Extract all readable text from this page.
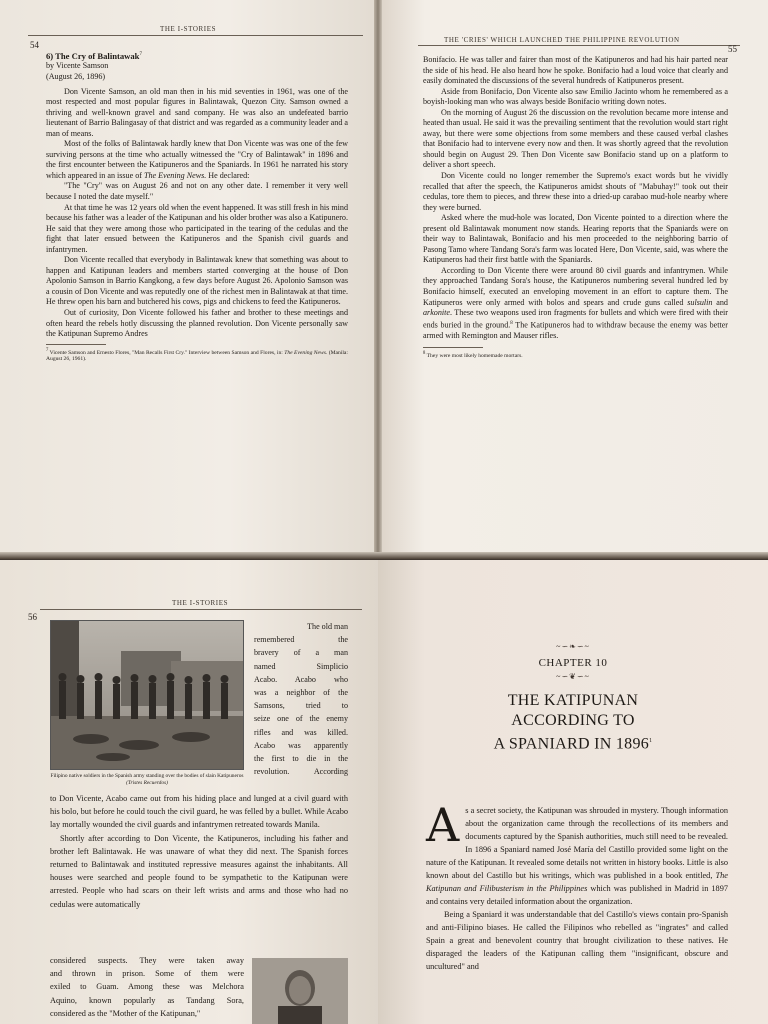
THE I-STORIES
54
6) The Cry of Balintawak$^7$
by Vicente Samson
(August 26, 1896)

Don Vicente Samson, an old man then in his mid seventies in 1961, was one of the most respected and most popular figures in Balintawak, Quezon City. Samson owned a thriving and well-known gravel and sand company. He was also an undefeated barrio lieutenant of Barrio Balingasay of that district and was regarded as a community leader and a man of means.

Most of the folks of Balintawak hardly knew that Don Vicente was was one of the few surviving persons at the time who actually witnessed the "Cry of Balintawak" in 1896 and the first encounter between the Katipuneros and the Spaniards. In 1961 he narrated his story which appeared in an issue of The Evening News. He declared:

"The "Cry" was on August 26 and not on any other date. I remember it very well because I noted the date myself."

At that time he was 12 years old when the event happened. It was still fresh in his mind because his father was a leader of the Katipunan and his older brother was also a Katipunero. He said that they were among those who participated in the tearing of the cedulas and the fight that later ensued between the Katipuneros and the Spanish civil guards and infantrymen.

Don Vicente recalled that everybody in Balintawak knew that something was about to happen and Katipunan leaders and members started converging at the house of Don Apolonio Samson in Barrio Kangkong, a few days before August 26. Apolonio Samson was a cousin of Don Vicente and was reputedly one of the richest men in Balintawak at that time. He threw open his barn and butchered his cows, pigs and chickens to feed the Katipuneros.

Out of curiosity, Don Vicente followed his father and brother to these meetings and often heard the rebels hotly discussing the planned revolution. Don Vicente personally saw the Katipunan Supremo Andres

$^7$ Vicente Samson and Ernesto Flores, "Man Recalls First Cry." Interview between Samson and Flores, in: The Evening News. (Manila: August 26, 1961).
THE 'CRIES' WHICH LAUNCHED THE PHILIPPINE REVOLUTION
55

Bonifacio. He was taller and fairer than most of the Katipuneros and had his hair parted near the side of his head. He also heard how he spoke. Bonifacio had a loud voice that clearly and easily dominated the discussions of the several hundreds of Katipuneros present.

Aside from Bonifacio, Don Vicente also saw Emilio Jacinto whom he remembered as a boyish-looking man who was always beside Bonifacio writing down notes.

On the morning of August 26 the discussion on the revolution became more intense and heated than usual. He said it was the prevailing sentiment that the revolution would start right away, but there were some objections from some members and these caused verbal clashes that Bonifacio had to intervene every now and then. It was shortly agreed that the revolution should begin on August 29. Then Don Vicente saw Bonifacio stand up on a platform to deliver a short speech.

Don Vicente could no longer remember the Supremo's exact words but he vividly recalled that after the speech, the Katipuneros amidst shouts of "Mabuhay!" took out their cedulas, tore them to pieces, and threw these into a dried-up carabao mud-hole nearby where they were burned.

Asked where the mud-hole was located, Don Vicente pointed to a direction where the present old Balintawak monument now stands. Hearing reports that the Spaniards were on their way to Balintawak, Bonifacio and his men proceeded to the neighboring barrio of Pasong Tamo where Tandang Sora's farm was located Here, Don Vicente, said, was where the Katipuneros had their first battle with the Spaniards.

According to Don Vicente there were around 80 civil guards and infantrymen. While they approached Tandang Sora's house, the Katipuneros numbering several hundred led by Bonifacio himself, executed an enveloping movement in an effort to capture them. The Katipuneros were only armed with bolos and spears and crude guns called sulsulin and arkonite. These two weapons used iron fragments for bullets and which were fired with their ends buried in the ground.$^8$ The Katipuneros had to withdraw because the enemy was better armed with Remington and Mauser rifles.

$^8$ They were most likely homemade mortars.
THE I-STORIES
56
Filipino native soldiers in the Spanish army standing over the bodies of slain Katipuneros (Tristes Recuerdos)
The old man
remembered the
bravery of a man
named Simplicio
Acabo. Acabo who
was a neighbor of the
Samsons, tried to
seize one of the enemy
rifles and was killed.
Acabo was apparently
the first to die in the
revolution. According

to Don Vicente, Acabo came out from his hiding place and lunged at a civil guard with his bolo, but before he could touch the civil guard, he was felled by a bullet. While Acabo lay mortally wounded the civil guards and infantrymen retreated towards Manila.

Shortly after according to Don Vicente, the Katipuneros, including his father and brother left Balintawak. He was unaware of what they did next. The Spanish forces returned to Balintawak and instituted repressive measures against the inhabitants. All houses were searched and people found to be sympathetic to the Katipunan were arrested. People who had scars on their left wrists and arms and those who had no cedulas were automatically

considered suspects. They were taken away
and thrown in prison. Some of them were
exiled to Guam. Among these was Melchora
Aquino, known popularly as Tandang Sora,
considered as the "Mother of the Katipunan,"
~∽❧∽~
CHAPTER 10
~∽❦∽~
THE KATIPUNAN
ACCORDING TO
A SPANIARD IN 1896$^1$

As a secret society, the Katipunan was shrouded in mystery. Though information about the organization came through the recollections of its members and documents captured by the Spanish authorities, much still need to be revealed. In 1896 a Spaniard named José María del Castillo provided some light on the nature of the Katipunan. It revealed some details not written in history books. Little is also known about del Castillo but his writings, which was published in a book entitled, The Katipunan and Filibusterism in the Philippines which was published in Madrid in 1897 and contains very detailed information about the organization.

Being a Spaniard it was understandable that del Castillo's views contain pro-Spanish and anti-Filipino biases. He called the Filipinos who rebelled as "ingrates" and called Spain a great and benevolent country that brought civilization to these natives. He disparaged the leaders of the Katipunan calling them "insignificant, obscure and uncultured" and
